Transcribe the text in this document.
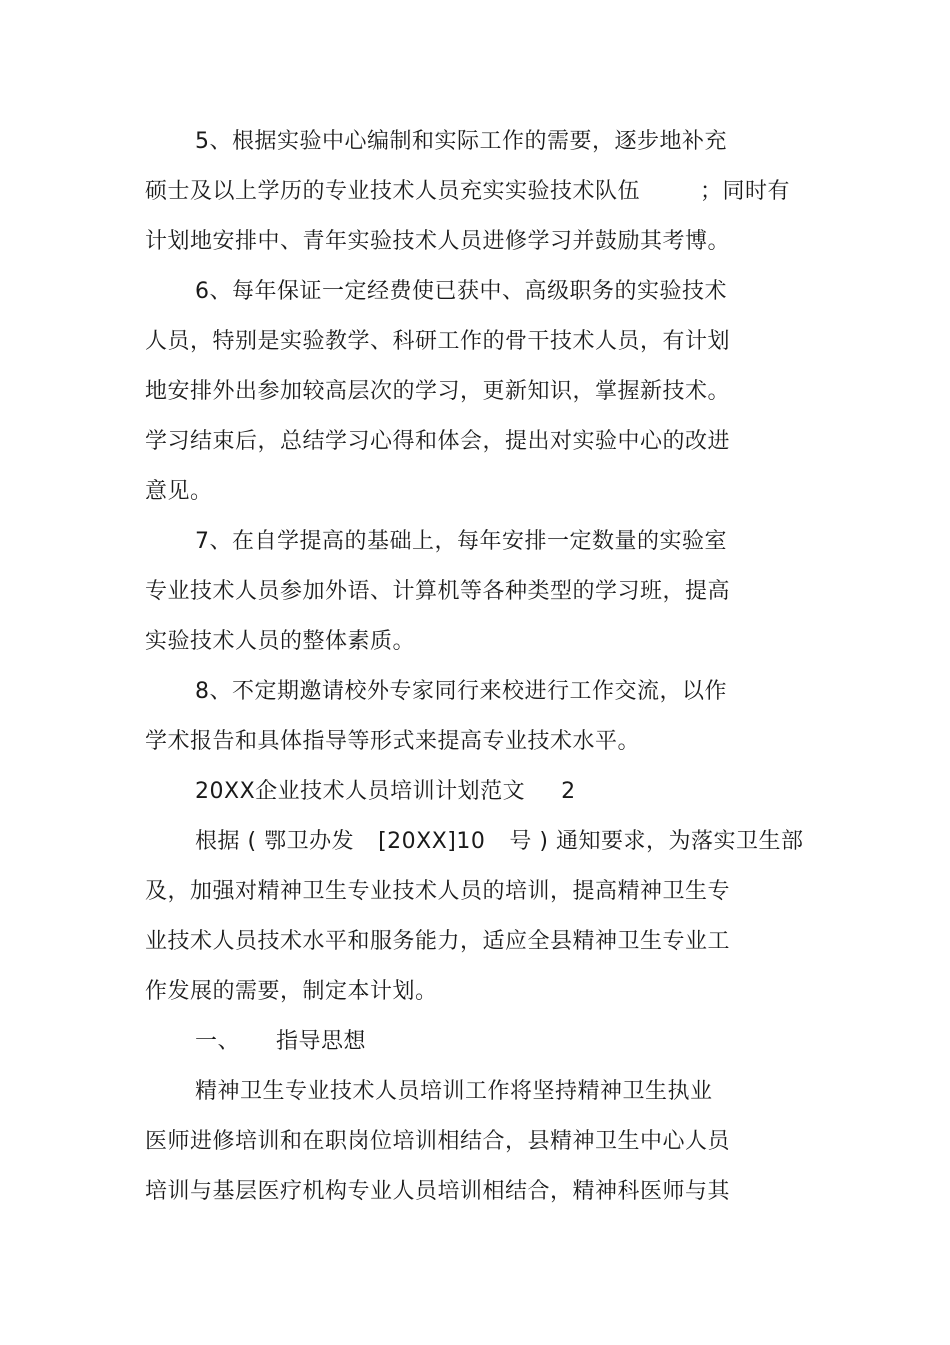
5、根据实验中心编制和实际工作的需要，逐步地补充
硕士及以上学历的专业技术人员充实实验技术队伍	；同时有
计划地安排中、青年实验技术人员进修学习并鼓励其考博。
6、每年保证一定经费使已获中、高级职务的实验技术
人员，特别是实验教学、科研工作的骨干技术人员，有计划
地安排外出参加较高层次的学习，更新知识，掌握新技术。
学习结束后，总结学习心得和体会，提出对实验中心的改进
意见。
7、在自学提高的基础上，每年安排一定数量的实验室
专业技术人员参加外语、计算机等各种类型的学习班，提高
实验技术人员的整体素质。
8、不定期邀请校外专家同行来校进行工作交流，以作
学术报告和具体指导等形式来提高专业技术水平。
20XX企业技术人员培训计划范文 2
根据 ( 鄂卫办发 [20XX]10 号 ) 通知要求，为落实卫生部
及，加强对精神卫生专业技术人员的培训，提高精神卫生专
业技术人员技术水平和服务能力，适应全县精神卫生专业工
作发展的需要，制定本计划。
一、 指导思想
精神卫生专业技术人员培训工作将坚持精神卫生执业
医师进修培训和在职岗位培训相结合，县精神卫生中心人员
培训与基层医疗机构专业人员培训相结合，精神科医师与其
